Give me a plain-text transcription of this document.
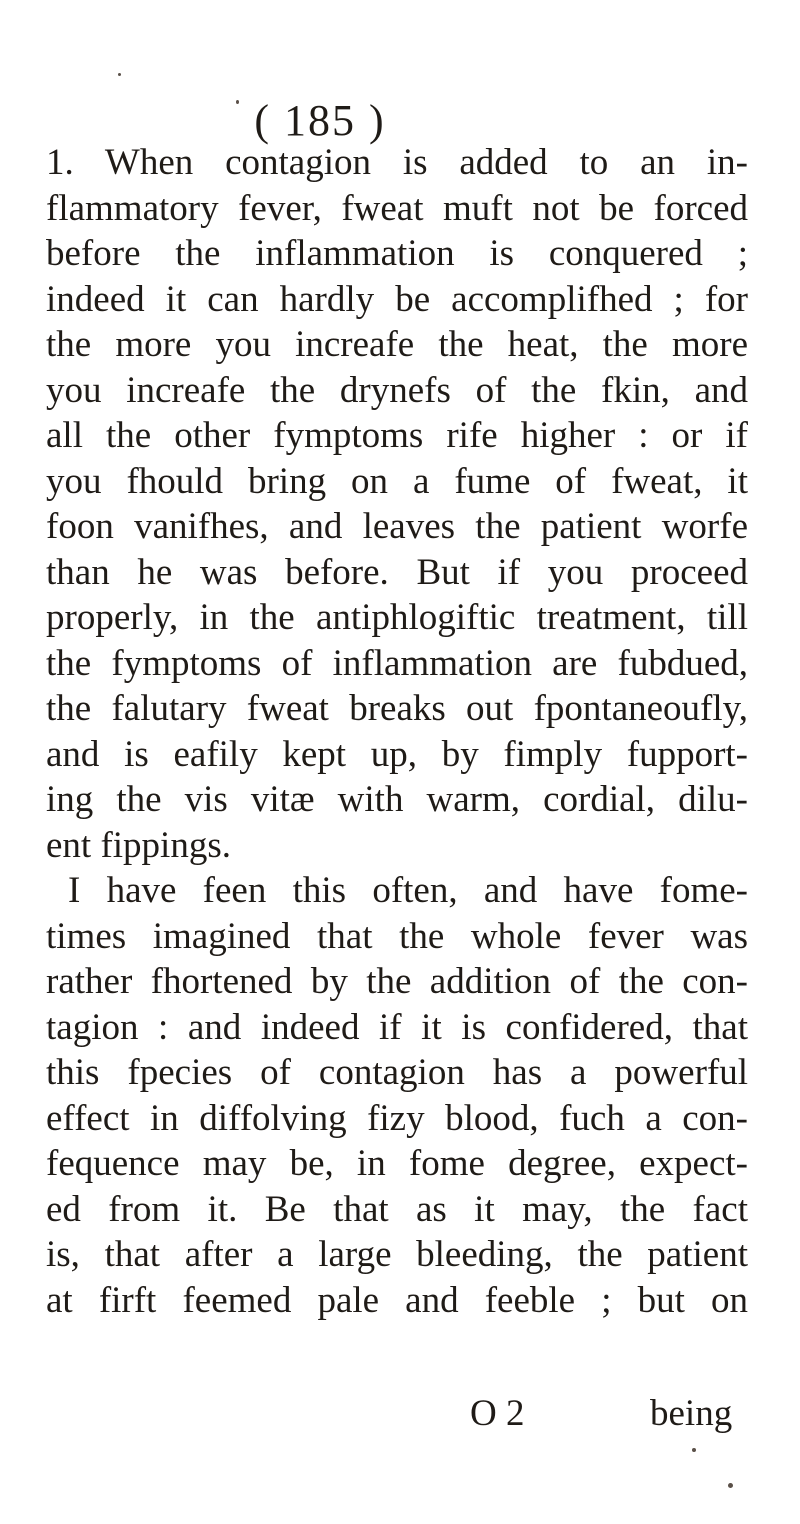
( 185 )
1. When contagion is added to an in-
flammatory fever, fweat muft not be forced
before the inflammation is conquered ;
indeed it can hardly be accomplifhed ; for
the more you increafe the heat, the more
you increafe the drynefs of the fkin, and
all the other fymptoms rife higher : or if
you fhould bring on a fume of fweat, it
foon vanifhes, and leaves the patient worfe
than he was before. But if you proceed
properly, in the antiphlogiftic treatment, till
the fymptoms of inflammation are fubdued,
the falutary fweat breaks out fpontaneoufly,
and is eafily kept up, by fimply fupport-
ing the vis vitæ with warm, cordial, dilu-
ent fippings.
I have feen this often, and have fome-
times imagined that the whole fever was
rather fhortened by the addition of the con-
tagion : and indeed if it is confidered, that
this fpecies of contagion has a powerful
effect in diffolving fizy blood, fuch a con-
fequence may be, in fome degree, expect-
ed from it. Be that as it may, the fact
is, that after a large bleeding, the patient
at firft feemed pale and feeble ; but on
O 2	being
